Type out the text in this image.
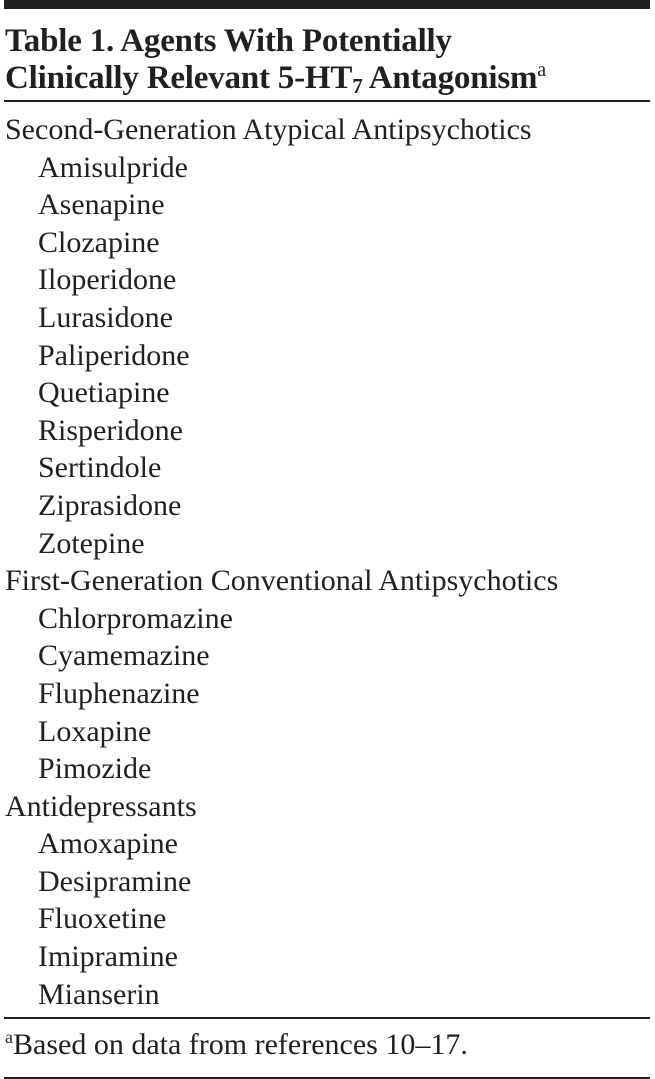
Table 1. Agents With Potentially
Clinically Relevant $5-HT_7$ Antagonism$^a$
Second-Generation Atypical Antipsychotics
Amisulpride
Asenapine
Clozapine
Iloperidone
Lurasidone
Paliperidone
Quetiapine
Risperidone
Sertindole
Ziprasidone
Zotepine
First-Generation Conventional Antipsychotics
Chlorpromazine
Cyamemazine
Fluphenazine
Loxapine
Pimozide
Antidepressants
Amoxapine
Desipramine
Fluoxetine
Imipramine
Mianserin
$^a$Based on data from references 10–17.
